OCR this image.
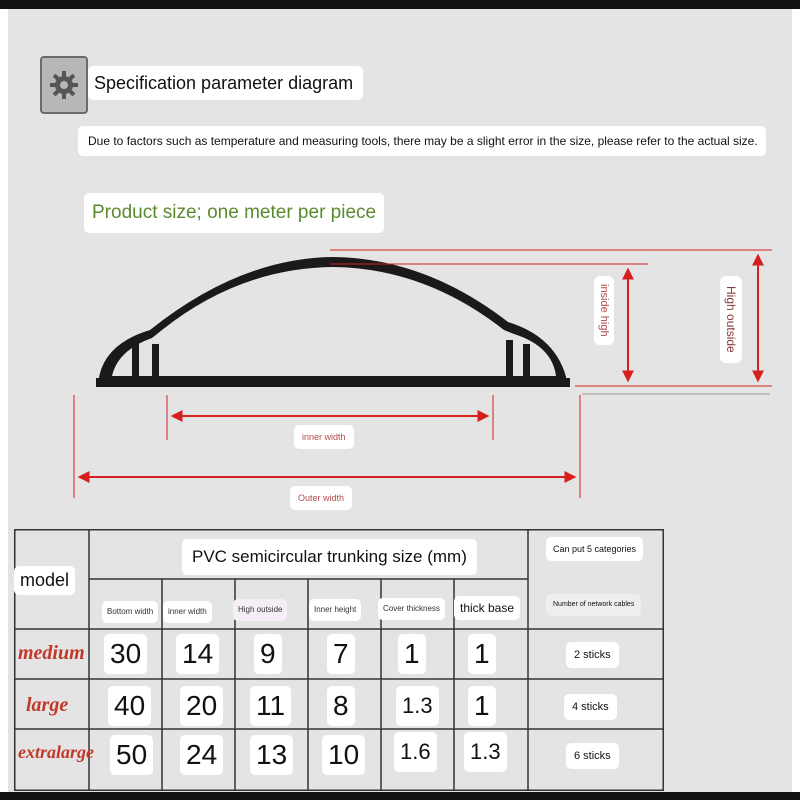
Specification parameter diagram
Due to factors such as temperature and measuring tools, there may be a slight error in the size, please refer to the actual size.
Product size; one meter per piece
inside high	High outside
inner width
Outer width
PVC semicircular trunking size (mm)
model
Can put 5 categories
Number of network cables
Bottom width	inner width	High outside	Inner height	Cover thickness	thick base
medium 30 14 9 7 1 1	2 sticks
large 40 20 11 8 1.3 1	4 sticks
extralarge 50 24 13 10 1.6 1.3	6 sticks
